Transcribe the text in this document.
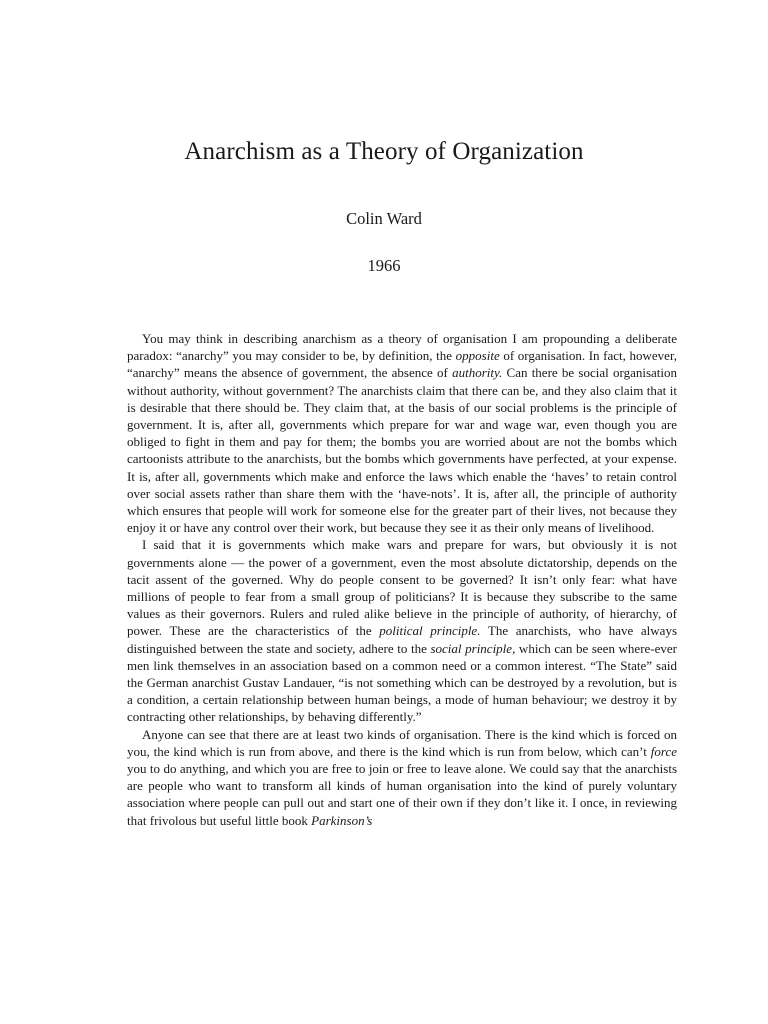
Anarchism as a Theory of Organization

Colin Ward

1966

You may think in describing anarchism as a theory of organisation I am propounding a deliberate paradox: “anarchy” you may consider to be, by definition, the opposite of organisation. In fact, however, “anarchy” means the absence of government, the absence of authority. Can there be social organisation without authority, without government? The anarchists claim that there can be, and they also claim that it is desirable that there should be. They claim that, at the basis of our social problems is the principle of government. It is, after all, governments which prepare for war and wage war, even though you are obliged to fight in them and pay for them; the bombs you are worried about are not the bombs which cartoonists attribute to the anarchists, but the bombs which governments have perfected, at your expense. It is, after all, governments which make and enforce the laws which enable the ‘haves’ to retain control over social assets rather than share them with the ‘have-nots’. It is, after all, the principle of authority which ensures that people will work for someone else for the greater part of their lives, not because they enjoy it or have any control over their work, but because they see it as their only means of livelihood.

I said that it is governments which make wars and prepare for wars, but obviously it is not governments alone — the power of a government, even the most absolute dictatorship, depends on the tacit assent of the governed. Why do people consent to be governed? It isn’t only fear: what have millions of people to fear from a small group of politicians? It is because they subscribe to the same values as their governors. Rulers and ruled alike believe in the principle of authority, of hierarchy, of power. These are the characteristics of the political principle. The anarchists, who have always distinguished between the state and society, adhere to the social principle, which can be seen where-ever men link themselves in an association based on a common need or a common interest. “The State” said the German anarchist Gustav Landauer, “is not something which can be destroyed by a revolution, but is a condition, a certain relationship between human beings, a mode of human behaviour; we destroy it by contracting other relationships, by behaving differently.”

Anyone can see that there are at least two kinds of organisation. There is the kind which is forced on you, the kind which is run from above, and there is the kind which is run from below, which can’t force you to do anything, and which you are free to join or free to leave alone. We could say that the anarchists are people who want to transform all kinds of human organisation into the kind of purely voluntary association where people can pull out and start one of their own if they don’t like it. I once, in reviewing that frivolous but useful little book Parkinson’s
